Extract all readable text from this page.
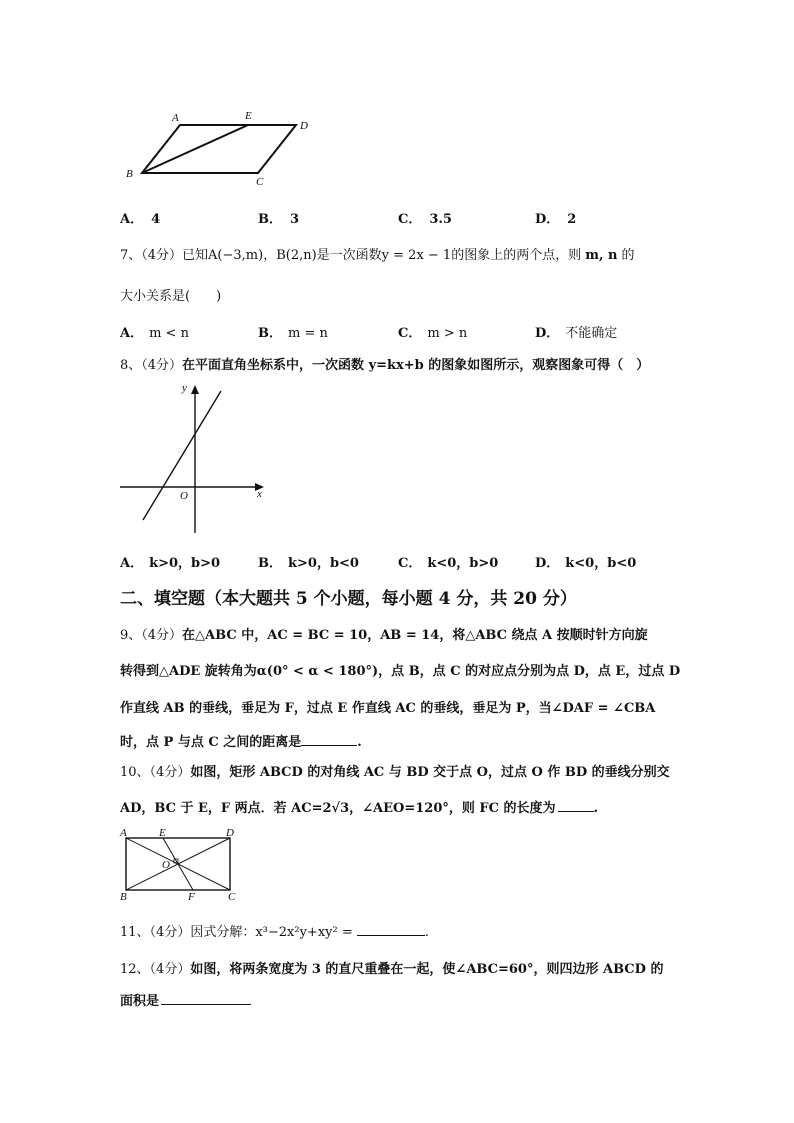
A	E
D
B
C
A． 4	B． 3	C． 3.5	D． 2
7、（4分）已知A(−3,m)，B(2,n)是一次函数y = 2x − 1的图象上的两个点，则 m, n 的
大小关系是(　　)
A． m < n	B． m = n	C． m > n	D． 不能确定
8、（4分）在平面直角坐标系中，一次函数 y=kx+b 的图象如图所示，观察图象可得（　）
y
x
O
A． k>0，b>0	B． k>0，b<0	C． k<0，b>0	D． k<0，b<0
二、填空题（本大题共 5 个小题，每小题 4 分，共 20 分）
9、（4分）在△ABC 中，AC = BC = 10，AB = 14，将△ABC 绕点 A 按顺时针方向旋
转得到△ADE 旋转角为α(0° < α < 180°)，点 B，点 C 的对应点分别为点 D，点 E，过点 D
作直线 AB 的垂线，垂足为 F，过点 E 作直线 AC 的垂线，垂足为 P，当∠DAF = ∠CBA
时，点 P 与点 C 之间的距离是	.
10、（4分）如图，矩形 ABCD 的对角线 AC 与 BD 交于点 O，过点 O 作 BD 的垂线分别交
AD，BC 于 E，F 两点．若 AC=2√3，∠AEO=120°，则 FC 的长度为	.
A	E	D
O
B	F	C
11、（4分）因式分解：x³−2x²y+xy² =	.
12、（4分）如图，将两条宽度为 3 的直尺重叠在一起，使∠ABC=60°，则四边形 ABCD 的
面积是
